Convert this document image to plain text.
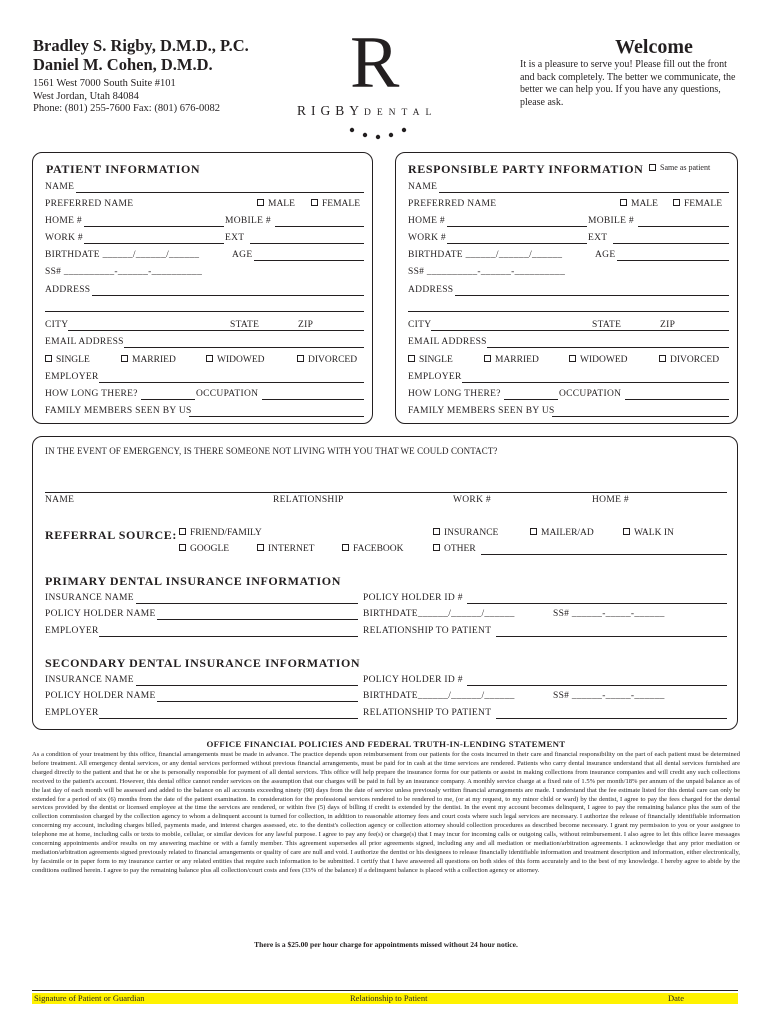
Bradley S. Rigby, D.M.D., P.C.
Daniel M. Cohen, D.M.D.
1561 West 7000 South Suite #101
West Jordan, Utah 84084
Phone: (801) 255-7600 Fax: (801) 676-0082
R
RIGBYDENTAL
Welcome
It is a pleasure to serve you! Please fill out the front and back completely. The better we communicate, the better we can help you. If you have any questions, please ask.
PATIENT INFORMATION
NAME
PREFERRED NAME	MALE	FEMALE
HOME #	MOBILE #
WORK #	EXT
BIRTHDATE ______/______/______	AGE
SS# __________-______-__________
ADDRESS
CITY	STATE	ZIP
EMAIL ADDRESS
SINGLE	MARRIED	WIDOWED	DIVORCED
EMPLOYER
HOW LONG THERE?	OCCUPATION
FAMILY MEMBERS SEEN BY US
RESPONSIBLE PARTY INFORMATION	Same as patient
NAME
PREFERRED NAME	MALE	FEMALE
HOME #	MOBILE #
WORK #	EXT
BIRTHDATE ______/______/______	AGE
SS# __________-______-__________
ADDRESS
CITY	STATE	ZIP
EMAIL ADDRESS
SINGLE	MARRIED	WIDOWED	DIVORCED
EMPLOYER
HOW LONG THERE?	OCCUPATION
FAMILY MEMBERS SEEN BY US
IN THE EVENT OF EMERGENCY, IS THERE SOMEONE NOT LIVING WITH YOU THAT WE COULD CONTACT?
NAME	RELATIONSHIP	WORK #	HOME #
REFERRAL SOURCE:	FRIEND/FAMILY	INSURANCE	MAILER/AD	WALK IN
GOOGLE	INTERNET	FACEBOOK	OTHER
PRIMARY DENTAL INSURANCE INFORMATION
INSURANCE NAME	POLICY HOLDER ID #
POLICY HOLDER NAME	BIRTHDATE______/______/______	SS# ______-_____-______
EMPLOYER	RELATIONSHIP TO PATIENT
SECONDARY DENTAL INSURANCE INFORMATION
INSURANCE NAME	POLICY HOLDER ID #
POLICY HOLDER NAME	BIRTHDATE______/______/______	SS# ______-_____-______
EMPLOYER	RELATIONSHIP TO PATIENT
OFFICE FINANCIAL POLICIES AND FEDERAL TRUTH-IN-LENDING STATEMENT
As a condition of your treatment by this office, financial arrangements must be made in advance. The practice depends upon reimbursement from our patients for the costs incurred in their care and financial responsibility on the part of each patient must be determined before treatment. All emergency dental services, or any dental services performed without previous financial arrangements, must be paid for in cash at the time services are rendered. Patients who carry dental insurance understand that all dental services furnished are charged directly to the patient and that he or she is personally responsible for payment of all dental services. This office will help prepare the insurance forms for our patients or assist in making collections from insurance companies and will credit any such collections received to the patient's account. However, this dental office cannot render services on the assumption that our charges will be paid in full by an insurance company. A monthly service charge at a fixed rate of 1.5% per month/18% per annum of the unpaid balance as of the last day of each month will be assessed and added to the balance on all accounts exceeding ninety (90) days from the date of service unless previously written financial arrangements are made. I understand that the fee estimate listed for this dental care can only be extended for a period of six (6) months from the date of the patient examination. In consideration for the professional services rendered to be rendered to me, (or at my request, to my minor child or ward) by the dentist, I agree to pay the fees charged for the dental services provided by the dentist or licensed employee at the time the services are rendered, or within five (5) days of billing if credit is extended by the dentist. In the event my account becomes delinquent, I agree to pay the remaining balance plus the sum of the collection commission charged by the collection agency to whom a delinquent account is turned for collection, in addition to reasonable attorney fees and court costs where such legal services are necessary. I authorize the release of financially identifiable information concerning my account, including charges billed, payments made, and interest charges assessed, etc. to the dentist's collection agency or collection attorney should collection procedures as described become necessary. I grant my permission to you or your assignee to telephone me at home, including calls or texts to mobile, cellular, or similar devices for any lawful purpose. I agree to pay any fee(s) or charge(s) that I may incur for incoming calls or outgoing calls, without reimbursement. I also agree to let this office leave messages concerning appointments and/or results on my answering machine or with a family member. This agreement supersedes all prior agreements signed, including any and all mediation or mediation/arbitration agreements. I acknowledge that any prior mediation or mediation/arbitration agreements signed previously related to financial arrangements or quality of care are null and void. I authorize the dentist or his designees to release financially identifiable information and treatment description and information, either electronically, by facsimile or in paper form to my insurance carrier or any related entities that require such information to be submitted. I certify that I have answered all questions on both sides of this form accurately and to the best of my knowledge. I hereby agree to abide by the conditions outlined herein. I agree to pay the remaining balance plus all collection/court costs and fees (33% of the balance) if a delinquent balance is placed with a collection agency or attorney.
There is a $25.00 per hour charge for appointments missed without 24 hour notice.
Signature of Patient or Guardian	Relationship to Patient	Date
